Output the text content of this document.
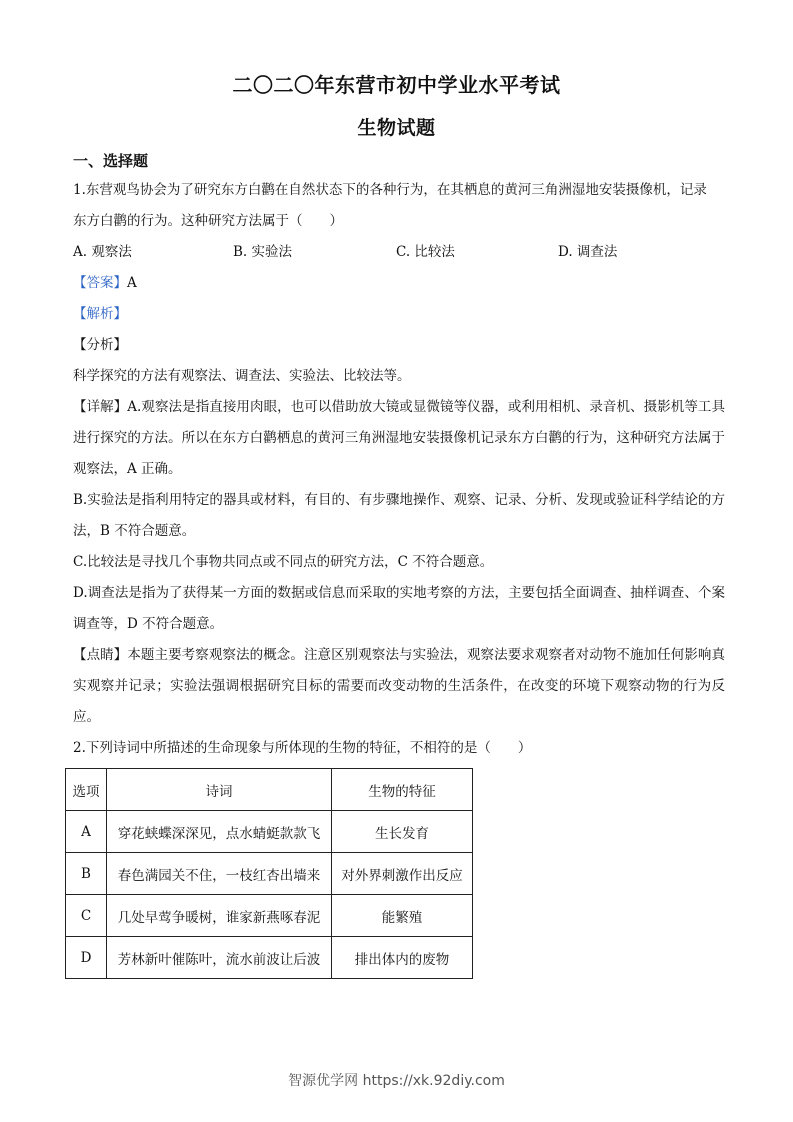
二〇二〇年东营市初中学业水平考试
生物试题
一、选择题
1.东营观鸟协会为了研究东方白鹳在自然状态下的各种行为，在其栖息的黄河三角洲湿地安装摄像机，记录
东方白鹳的行为。这种研究方法属于（　　）
A. 观察法	B. 实验法	C. 比较法	D. 调查法
【答案】A
【解析】
【分析】
科学探究的方法有观察法、调查法、实验法、比较法等。
【详解】A.观察法是指直接用肉眼，也可以借助放大镜或显微镜等仪器，或利用相机、录音机、摄影机等工具进行探究的方法。所以在东方白鹳栖息的黄河三角洲湿地安装摄像机记录东方白鹳的行为，这种研究方法属于观察法，A 正确。
B.实验法是指利用特定的器具或材料，有目的、有步骤地操作、观察、记录、分析、发现或验证科学结论的方法，B 不符合题意。
C.比较法是寻找几个事物共同点或不同点的研究方法，C 不符合题意。
D.调查法是指为了获得某一方面的数据或信息而采取的实地考察的方法，主要包括全面调查、抽样调查、个案调查等，D 不符合题意。
【点睛】本题主要考察观察法的概念。注意区别观察法与实验法，观察法要求观察者对动物不施加任何影响真实观察并记录；实验法强调根据研究目标的需要而改变动物的生活条件，在改变的环境下观察动物的行为反应。
2.下列诗词中所描述的生命现象与所体现的生物的特征，不相符的是（　　）
选项	诗词	生物的特征
A	穿花蛱蝶深深见，点水蜻蜓款款飞	生长发育
B	春色满园关不住，一枝红杏出墙来	对外界刺激作出反应
C	几处早莺争暖树，谁家新燕啄春泥	能繁殖
D	芳林新叶催陈叶，流水前波让后波	排出体内的废物
智源优学网 https://xk.92diy.com
